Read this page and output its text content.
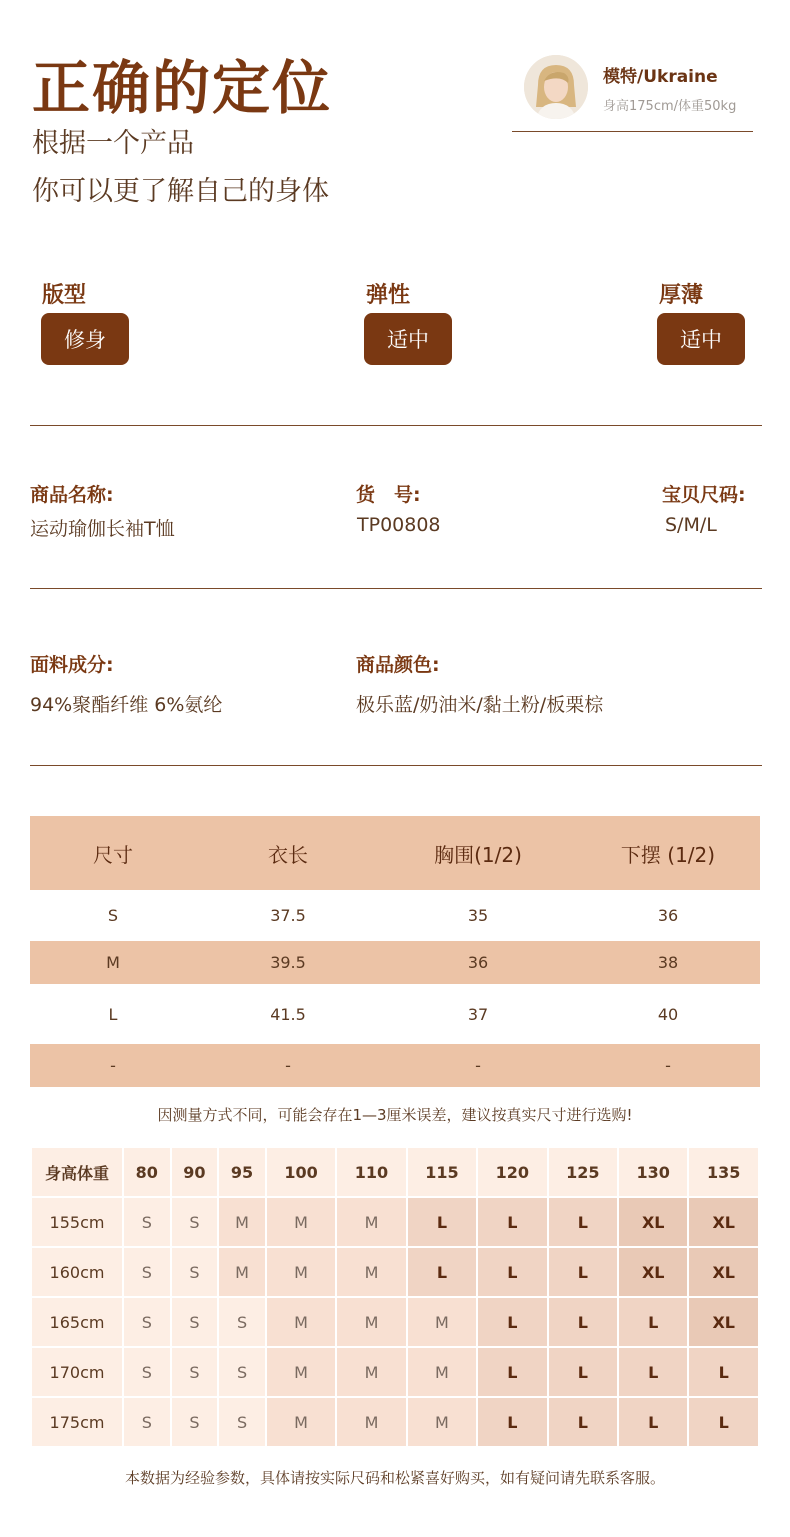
正确的定位
根据一个产品
你可以更了解自己的身体
模特/Ukraine
身高175cm/体重50kg
版型
修身
弹性
适中
厚薄
适中
商品名称:
运动瑜伽长袖T恤
货　号:
TP00808
宝贝尺码:
S/M/L
面料成分:
94%聚酯纤维 6%氨纶
商品颜色:
极乐蓝/奶油米/黏土粉/板栗棕
尺寸	衣长	胸围(1/2)	下摆 (1/2)
S	37.5	35	36
M	39.5	36	38
L	41.5	37	40
-	-	-	-
因测量方式不同，可能会存在1—3厘米误差，建议按真实尺寸进行选购!
身高体重	80	90	95	100	110	115	120	125	130	135
155cm	S	S	M	M	M	L	L	L	XL	XL
160cm	S	S	M	M	M	L	L	L	XL	XL
165cm	S	S	S	M	M	M	L	L	L	XL
170cm	S	S	S	M	M	M	L	L	L	L
175cm	S	S	S	M	M	M	L	L	L	L
本数据为经验参数，具体请按实际尺码和松紧喜好购买，如有疑问请先联系客服。
